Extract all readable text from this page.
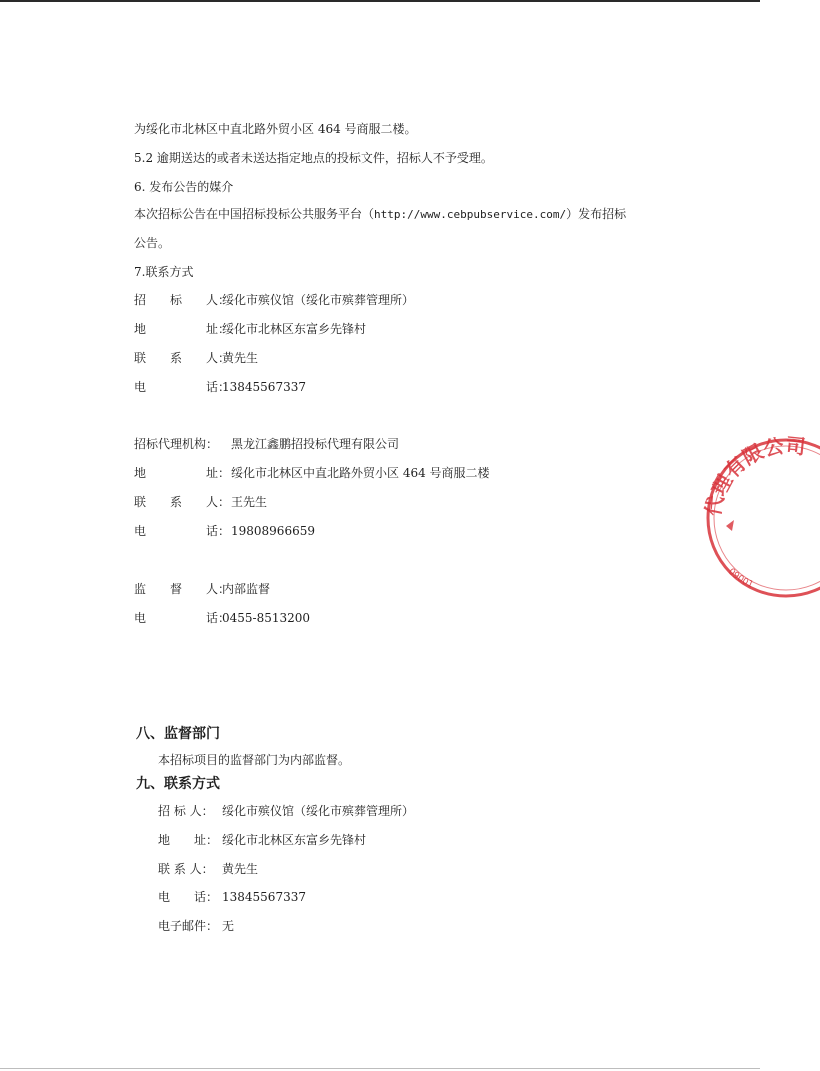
为绥化市北林区中直北路外贸小区 464 号商服二楼。
5.2 逾期送达的或者未送达指定地点的投标文件，招标人不予受理。
6. 发布公告的媒介
本次招标公告在中国招标投标公共服务平台（http://www.cebpubservice.com/）发布招标
公告。
7.联系方式
招　　标　　人：
绥化市殡仪馆（绥化市殡葬管理所）
地　　　　　址：
绥化市北林区东富乡先锋村
联　　系　　人：
黄先生
电　　　　　话：
13845567337
招标代理机构： 黑龙江鑫鹏招投标代理有限公司
地　　　　　址： 绥化市北林区中直北路外贸小区 464 号商服二楼
联　　系　　人： 王先生
电　　　　　话： 19808966659
监　　督　　人：
内部监督
电　　　　　话：
0455-8513200
八、监督部门
本招标项目的监督部门为内部监督。
九、联系方式
招 标 人： 绥化市殡仪馆（绥化市殡葬管理所）
地　　址： 绥化市北林区东富乡先锋村
联 系 人： 黄先生
电　　话： 13845567337
电子邮件： 无
代理有限公司
09001
